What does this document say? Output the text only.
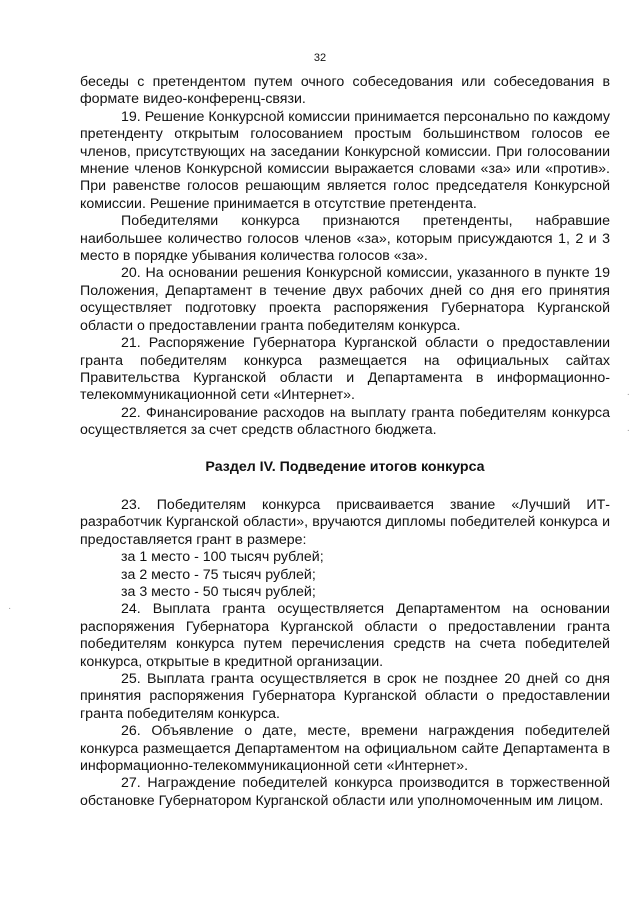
32

беседы с претендентом путем очного собеседования или собеседования в формате видео-конференц-связи.

19. Решение Конкурсной комиссии принимается персонально по каждому претенденту открытым голосованием простым большинством голосов ее членов, присутствующих на заседании Конкурсной комиссии. При голосовании мнение членов Конкурсной комиссии выражается словами «за» или «против». При равенстве голосов решающим является голос председателя Конкурсной комиссии. Решение принимается в отсутствие претендента.

Победителями конкурса признаются претенденты, набравшие наибольшее количество голосов членов «за», которым присуждаются 1, 2 и 3 место в порядке убывания количества голосов «за».

20. На основании решения Конкурсной комиссии, указанного в пункте 19 Положения, Департамент в течение двух рабочих дней со дня его принятия осуществляет подготовку проекта распоряжения Губернатора Курганской области о предоставлении гранта победителям конкурса.

21. Распоряжение Губернатора Курганской области о предоставлении гранта победителям конкурса размещается на официальных сайтах Правительства Курганской области и Департамента в информационно-телекоммуникационной сети «Интернет».

22. Финансирование расходов на выплату гранта победителям конкурса осуществляется за счет средств областного бюджета.

Раздел IV. Подведение итогов конкурса

23. Победителям конкурса присваивается звание «Лучший ИТ-разработчик Курганской области», вручаются дипломы победителей конкурса и предоставляется грант в размере:

за 1 место - 100 тысяч рублей;

за 2 место - 75 тысяч рублей;

за 3 место - 50 тысяч рублей;

24. Выплата гранта осуществляется Департаментом на основании распоряжения Губернатора Курганской области о предоставлении гранта победителям конкурса путем перечисления средств на счета победителей конкурса, открытые в кредитной организации.

25. Выплата гранта осуществляется в срок не позднее 20 дней со дня принятия распоряжения Губернатора Курганской области о предоставлении гранта победителям конкурса.

26. Объявление о дате, месте, времени награждения победителей конкурса размещается Департаментом на официальном сайте Департамента в информационно-телекоммуникационной сети «Интернет».

27. Награждение победителей конкурса производится в торжественной обстановке Губернатором Курганской области или уполномоченным им лицом.

·
·
·
